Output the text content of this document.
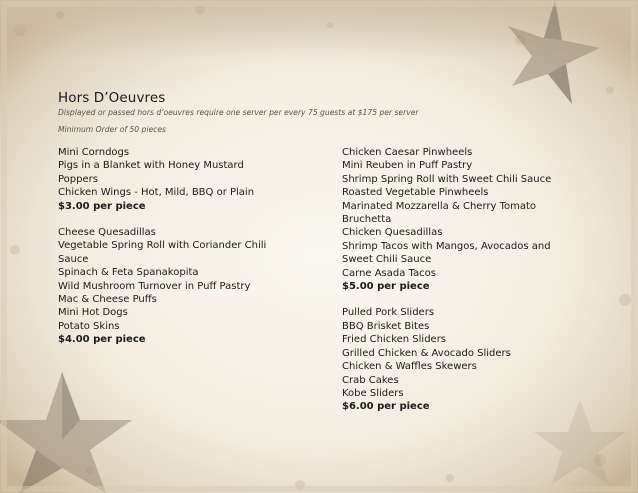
Hors D’Oeuvres
Displayed or passed hors d’oeuvres require one server per every 75 guests at $175 per server
Minimum Order of 50 pieces
Mini Corndogs
Pigs in a Blanket with Honey Mustard
Poppers
Chicken Wings - Hot, Mild, BBQ or Plain
$3.00 per piece
Cheese Quesadillas
Vegetable Spring Roll with Coriander Chili
Sauce
Spinach & Feta Spanakopita
Wild Mushroom Turnover in Puff Pastry
Mac & Cheese Puffs
Mini Hot Dogs
Potato Skins
$4.00 per piece
Chicken Caesar Pinwheels
Mini Reuben in Puff Pastry
Shrimp Spring Roll with Sweet Chili Sauce
Roasted Vegetable Pinwheels
Marinated Mozzarella & Cherry Tomato
Bruchetta
Chicken Quesadillas
Shrimp Tacos with Mangos, Avocados and
Sweet Chili Sauce
Carne Asada Tacos
$5.00 per piece
Pulled Pork Sliders
BBQ Brisket Bites
Fried Chicken Sliders
Grilled Chicken & Avocado Sliders
Chicken & Waffles Skewers
Crab Cakes
Kobe Sliders
$6.00 per piece
